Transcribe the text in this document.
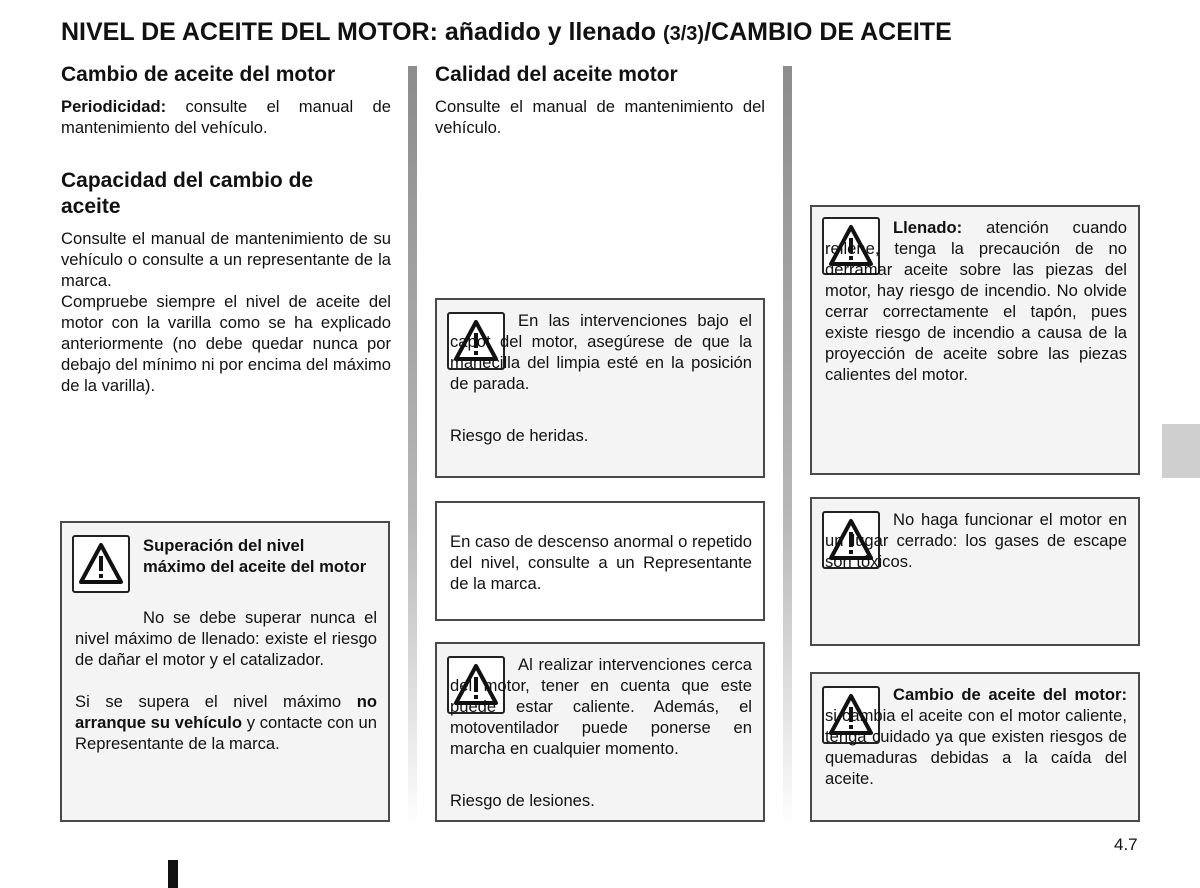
NIVEL DE ACEITE DEL MOTOR: añadido y llenado (3/3)/CAMBIO DE ACEITE
Cambio de aceite del motor
Periodicidad: consulte el manual de mantenimiento del vehículo.
Capacidad del cambio de aceite
Consulte el manual de mantenimiento de su vehículo o consulte a un representante de la marca.
Compruebe siempre el nivel de aceite del motor con la varilla como se ha explicado anteriormente (no debe quedar nunca por debajo del mínimo ni por encima del máximo de la varilla).
Superación del nivel máximo del aceite del motor
No se debe superar nunca el nivel máximo de llenado: existe el riesgo de dañar el motor y el catalizador.
Si se supera el nivel máximo no arranque su vehículo y contacte con un Representante de la marca.
Calidad del aceite motor
Consulte el manual de mantenimiento del vehículo.
En las intervenciones bajo el capot del motor, asegúrese de que la manecilla del limpia esté en la posición de parada.
Riesgo de heridas.
En caso de descenso anormal o repetido del nivel, consulte a un Representante de la marca.
Al realizar intervenciones cerca del motor, tener en cuenta que este puede estar caliente. Además, el motoventilador puede ponerse en marcha en cualquier momento.
Riesgo de lesiones.
Llenado: atención cuando rellene, tenga la precaución de no derramar aceite sobre las piezas del motor, hay riesgo de incendio. No olvide cerrar correctamente el tapón, pues existe riesgo de incendio a causa de la proyección de aceite sobre las piezas calientes del motor.
No haga funcionar el motor en un lugar cerrado: los gases de escape son tóxicos.
Cambio de aceite del motor: si cambia el aceite con el motor caliente, tenga cuidado ya que existen riesgos de quemaduras debidas a la caída del aceite.
4.7
